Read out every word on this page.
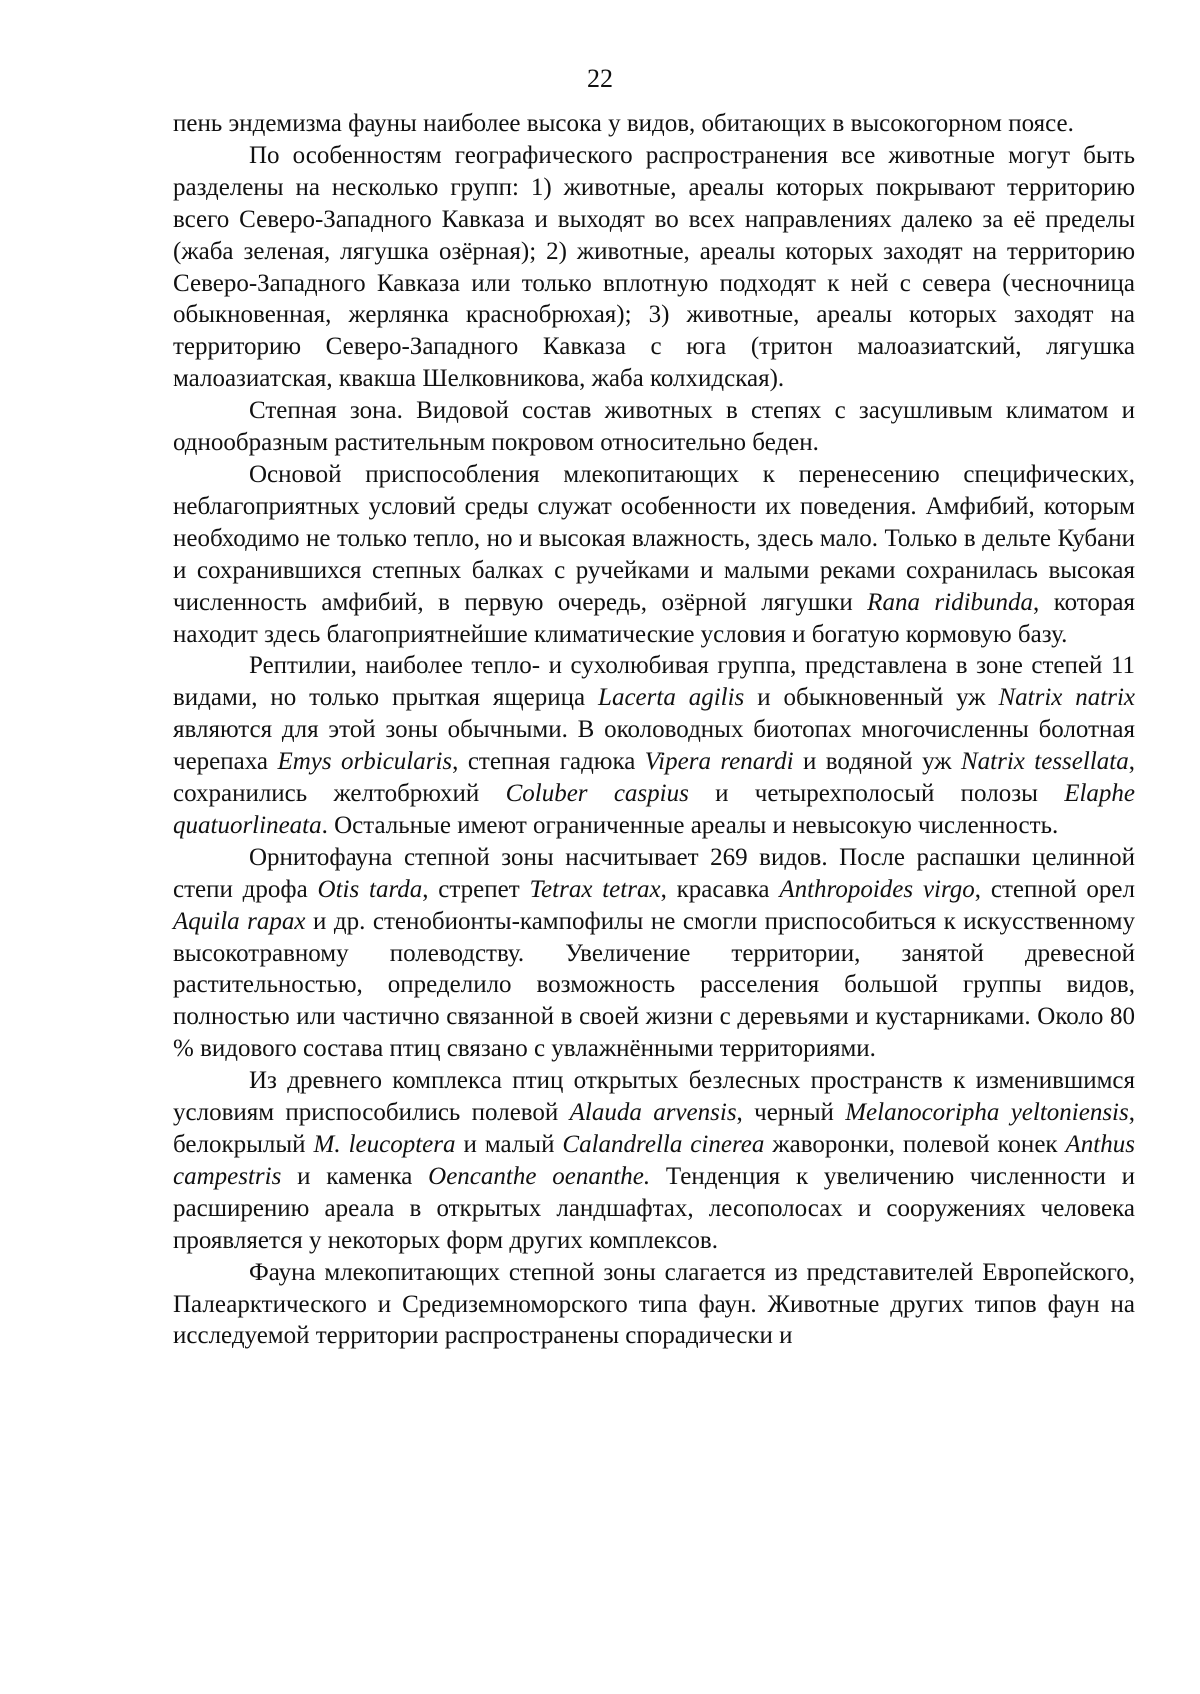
22

пень эндемизма фауны наиболее высока у видов, обитающих в высокогорном поясе.

По особенностям географического распространения все животные могут быть разделены на несколько групп: 1) животные, ареалы которых покрывают территорию всего Северо-Западного Кавказа и выходят во всех направлениях далеко за её пределы (жаба зеленая, лягушка озёрная); 2) животные, ареалы которых заходят на территорию Северо-Западного Кавказа или только вплотную подходят к ней с севера (чесночница обыкновенная, жерлянка краснобрюхая); 3) животные, ареалы которых заходят на территорию Северо-Западного Кавказа с юга (тритон малоазиатский, лягушка малоазиатская, квакша Шелковникова, жаба колхидская).

Степная зона. Видовой состав животных в степях с засушливым климатом и однообразным растительным покровом относительно беден.

Основой приспособления млекопитающих к перенесению специфических, неблагоприятных условий среды служат особенности их поведения. Амфибий, которым необходимо не только тепло, но и высокая влажность, здесь мало. Только в дельте Кубани и сохранившихся степных балках с ручейками и малыми реками сохранилась высокая численность амфибий, в первую очередь, озёрной лягушки Rana ridibunda, которая находит здесь благоприятнейшие климатические условия и богатую кормовую базу.

Рептилии, наиболее тепло- и сухолюбивая группа, представлена в зоне степей 11 видами, но только прыткая ящерица Lacerta agilis и обыкновенный уж Natrix natrix являются для этой зоны обычными. В околоводных биотопах многочисленны болотная черепаха Emys orbicularis, степная гадюка Vipera renardi и водяной уж Natrix tessellata, сохранились желтобрюхий Coluber caspius и четырехполосый полозы Elaphe quatuorlineata. Остальные имеют ограниченные ареалы и невысокую численность.

Орнитофауна степной зоны насчитывает 269 видов. После распашки целинной степи дрофа Otis tarda, стрепет Tetrax tetrax, красавка Anthropoides virgo, степной орел Aquila rapax и др. стенобионты-кампофилы не смогли приспособиться к искусственному высокотравному полеводству. Увеличение территории, занятой древесной растительностью, определило возможность расселения большой группы видов, полностью или частично связанной в своей жизни с деревьями и кустарниками. Около 80 % видового состава птиц связано с увлажнёнными территориями.

Из древнего комплекса птиц открытых безлесных пространств к изменившимся условиям приспособились полевой Alauda arvensis, черный Melanocoripha yeltoniensis, белокрылый M. leucoptera и малый Calandrella cinerea жаворонки, полевой конек Anthus campestris и каменка Oencanthe oenanthe. Тенденция к увеличению численности и расширению ареала в открытых ландшафтах, лесополосах и сооружениях человека проявляется у некоторых форм других комплексов.

Фауна млекопитающих степной зоны слагается из представителей Европейского, Палеарктического и Средиземноморского типа фаун. Животные других типов фаун на исследуемой территории распространены спорадически и
